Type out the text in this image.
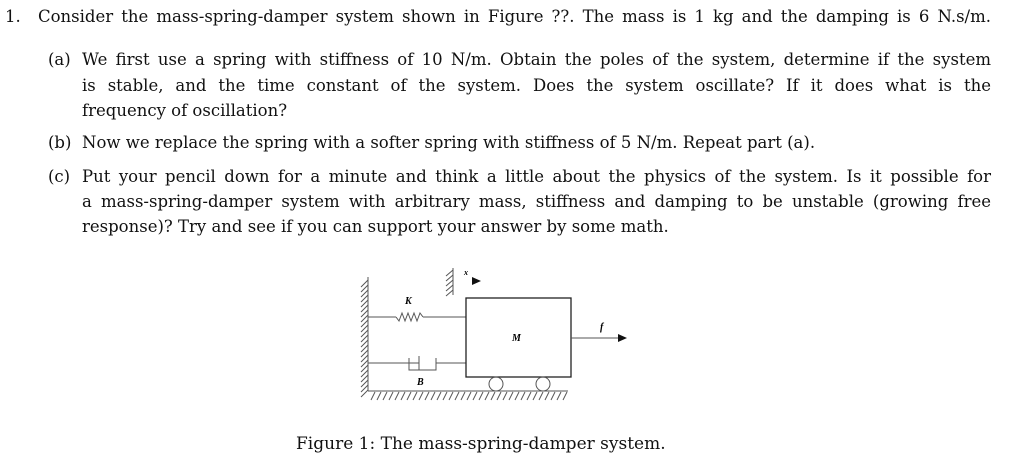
1. Consider the mass-spring-damper system shown in Figure ??. The mass is 1 kg and the damping is 6 N.s/m.
(a) We first use a spring with stiffness of 10 N/m. Obtain the poles of the system, determine if the system
is stable, and the time constant of the system. Does the system oscillate? If it does what is the
frequency of oscillation?
(b) Now we replace the spring with a softer spring with stiffness of 5 N/m. Repeat part (a).
(c) Put your pencil down for a minute and think a little about the physics of the system. Is it possible for
a mass-spring-damper system with arbitrary mass, stiffness and damping to be unstable (growing free
response)? Try and see if you can support your answer by some math.
K
B
M
f
x
Figure 1: The mass-spring-damper system.
